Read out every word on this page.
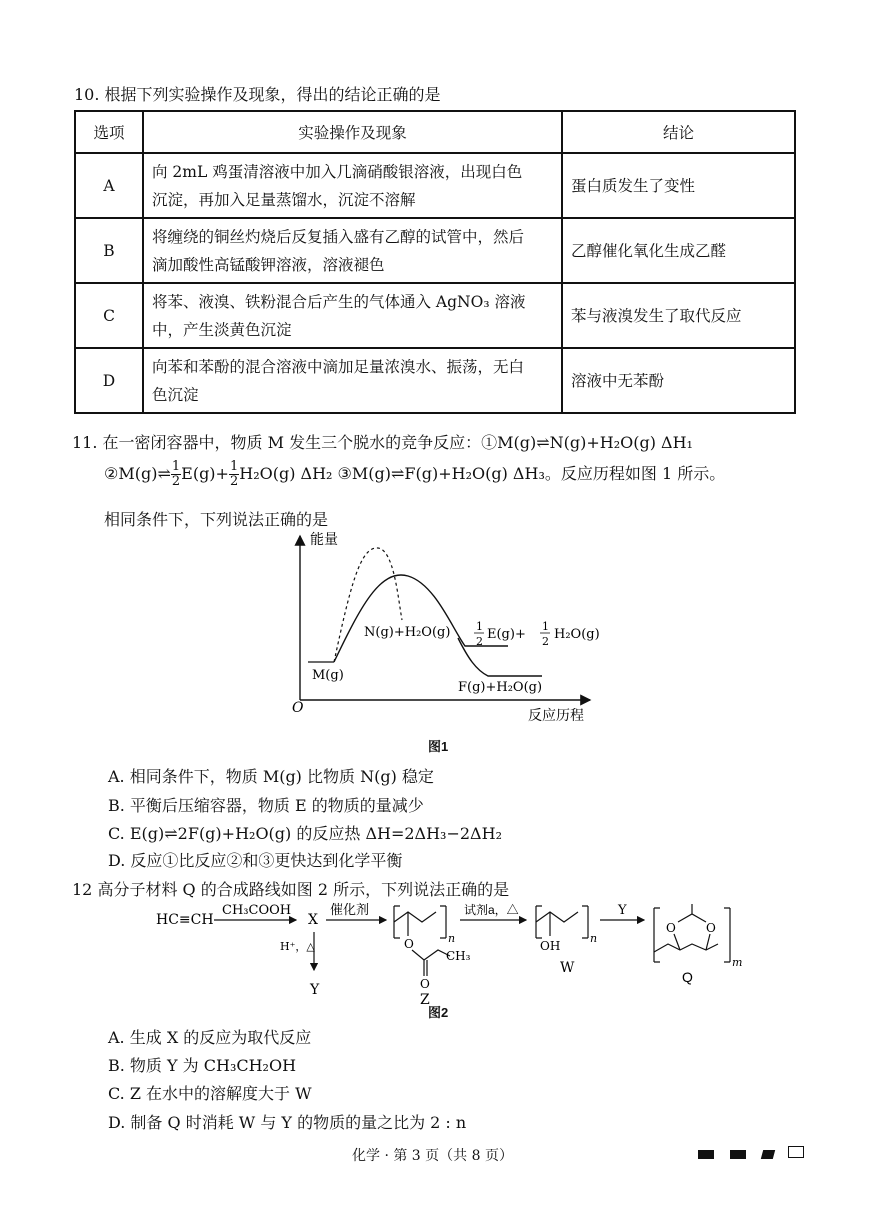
10. 根据下列实验操作及现象，得出的结论正确的是
选项	实验操作及现象	结论
A	向 2mL 鸡蛋清溶液中加入几滴硝酸银溶液，出现白色
沉淀，再加入足量蒸馏水，沉淀不溶解	蛋白质发生了变性
B	将缠绕的铜丝灼烧后反复插入盛有乙醇的试管中，然后
滴加酸性高锰酸钾溶液，溶液褪色	乙醇催化氧化生成乙醛
C	将苯、液溴、铁粉混合后产生的气体通入 AgNO₃ 溶液
中，产生淡黄色沉淀	苯与液溴发生了取代反应
D	向苯和苯酚的混合溶液中滴加足量浓溴水、振荡，无白
色沉淀	溶液中无苯酚
11. 在一密闭容器中，物质 M 发生三个脱水的竞争反应：①M(g)⇌N(g)+H₂O(g) ΔH₁
②M(g)⇌ $\frac{1}{2} E(g)+ \frac{1}{2} H_2O(g)$ ΔH₂ ③M(g)⇌F(g)+H₂O(g) ΔH₃。反应历程如图 1 所示。
相同条件下，下列说法正确的是
能量
反应历程
O
M(g)
N(g)+H₂O(g) 1
2 E(g)+
1
2 H₂O(g)
F(g)+H₂O(g)
图1
A. 相同条件下，物质 M(g) 比物质 N(g) 稳定
B. 平衡后压缩容器，物质 E 的物质的量减少
C. E(g)⇌2F(g)+H₂O(g) 的反应热 ΔH=2ΔH₃−2ΔH₂
D. 反应①比反应②和③更快达到化学平衡
12 高分子材料 Q 的合成路线如图 2 所示，下列说法正确的是
HC≡CH
CH₃COOH
X
催化剂
H⁺，△
Y
n
O
O
CH₃
Z
试剂a，△
n
OH
W
Y
O	O
m
Q
图2
A. 生成 X 的反应为取代反应
B. 物质 Y 为 CH₃CH₂OH
C. Z 在水中的溶解度大于 W
D. 制备 Q 时消耗 W 与 Y 的物质的量之比为 2 : n
化学 · 第 3 页（共 8 页）
